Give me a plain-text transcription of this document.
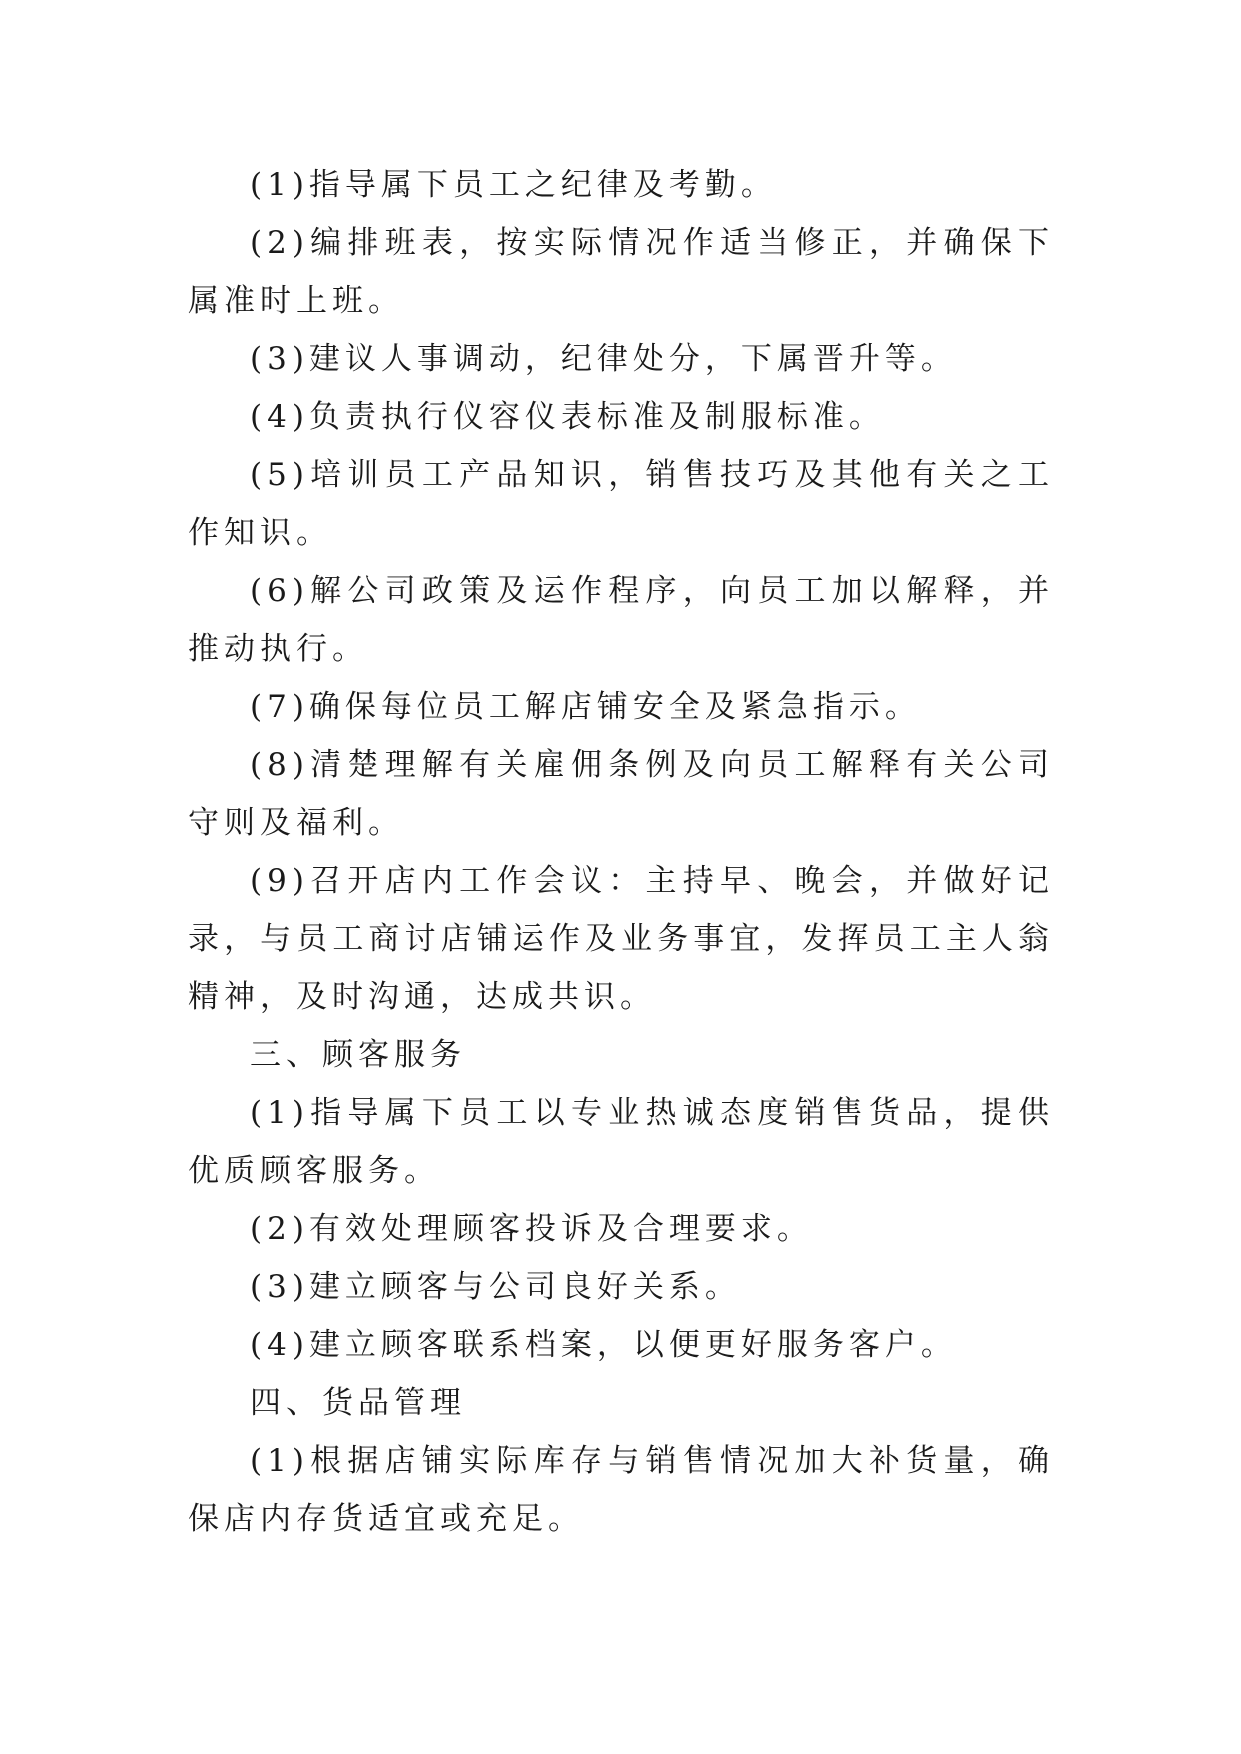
(1)指导属下员工之纪律及考勤。

(2)编排班表，按实际情况作适当修正，并确保下属准时上班。

(3)建议人事调动，纪律处分，下属晋升等。

(4)负责执行仪容仪表标准及制服标准。

(5)培训员工产品知识，销售技巧及其他有关之工作知识。

(6)解公司政策及运作程序，向员工加以解释，并推动执行。

(7)确保每位员工解店铺安全及紧急指示。

(8)清楚理解有关雇佣条例及向员工解释有关公司守则及福利。

(9)召开店内工作会议：主持早、晚会，并做好记录，与员工商讨店铺运作及业务事宜，发挥员工主人翁精神，及时沟通，达成共识。

三、顾客服务

(1)指导属下员工以专业热诚态度销售货品，提供优质顾客服务。

(2)有效处理顾客投诉及合理要求。

(3)建立顾客与公司良好关系。

(4)建立顾客联系档案，以便更好服务客户。

四、货品管理

(1)根据店铺实际库存与销售情况加大补货量，确保店内存货适宜或充足。
